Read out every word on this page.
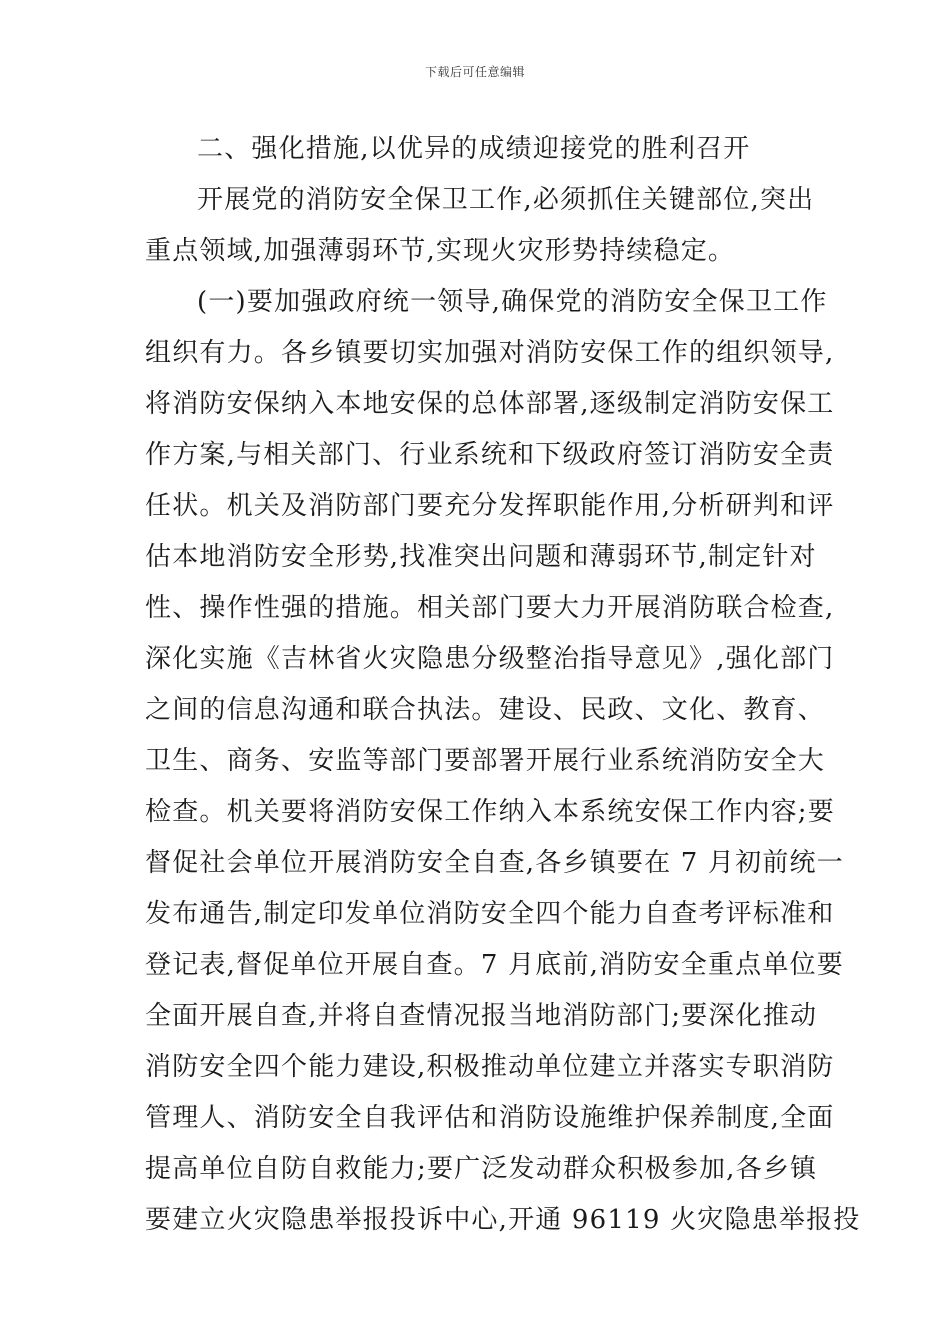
下载后可任意编辑
二、强化措施,以优异的成绩迎接党的胜利召开
开展党的消防安全保卫工作,必须抓住关键部位,突出
重点领域,加强薄弱环节,实现火灾形势持续稳定。
(一)要加强政府统一领导,确保党的消防安全保卫工作
组织有力。各乡镇要切实加强对消防安保工作的组织领导,
将消防安保纳入本地安保的总体部署,逐级制定消防安保工
作方案,与相关部门、行业系统和下级政府签订消防安全责
任状。机关及消防部门要充分发挥职能作用,分析研判和评
估本地消防安全形势,找准突出问题和薄弱环节,制定针对
性、操作性强的措施。相关部门要大力开展消防联合检查,
深化实施《吉林省火灾隐患分级整治指导意见》,强化部门
之间的信息沟通和联合执法。建设、民政、文化、教育、
卫生、商务、安监等部门要部署开展行业系统消防安全大
检查。机关要将消防安保工作纳入本系统安保工作内容;要
督促社会单位开展消防安全自查,各乡镇要在 7 月初前统一
发布通告,制定印发单位消防安全四个能力自查考评标准和
登记表,督促单位开展自查。7 月底前,消防安全重点单位要
全面开展自查,并将自查情况报当地消防部门;要深化推动
消防安全四个能力建设,积极推动单位建立并落实专职消防
管理人、消防安全自我评估和消防设施维护保养制度,全面
提高单位自防自救能力;要广泛发动群众积极参加,各乡镇
要建立火灾隐患举报投诉中心,开通 96119 火灾隐患举报投
